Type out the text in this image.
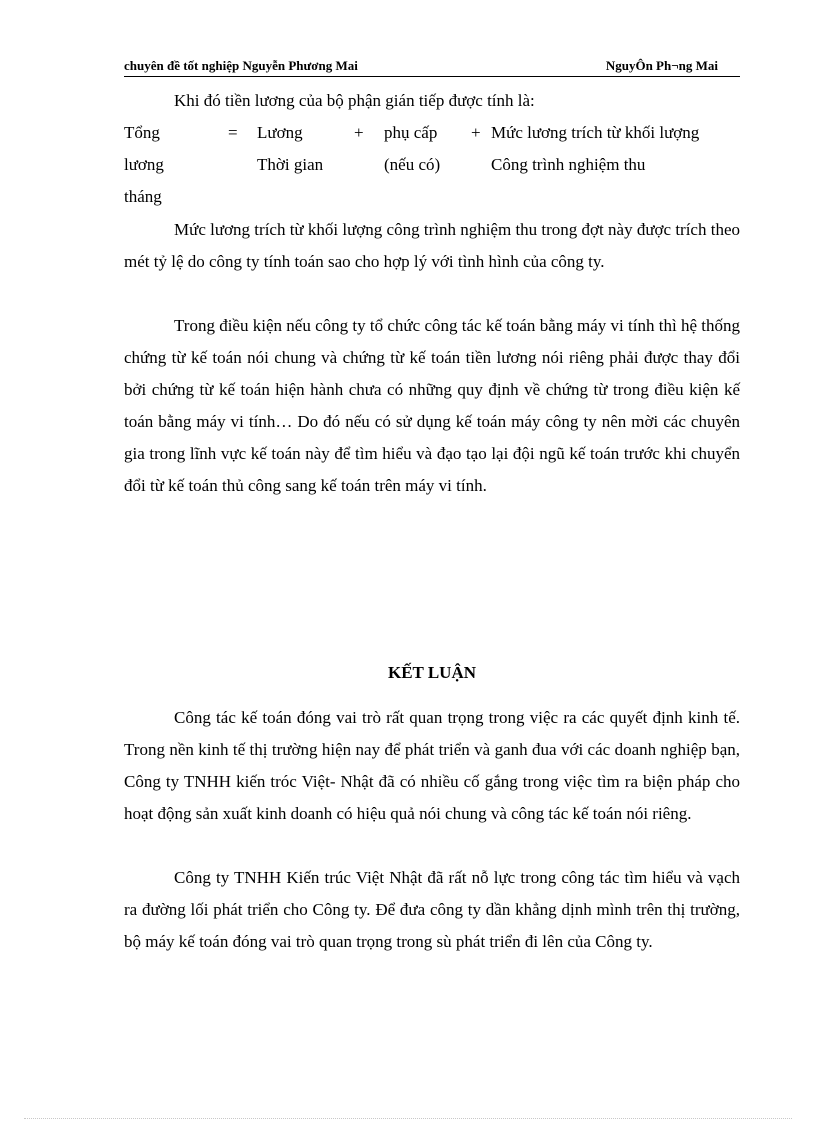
chuyên đề tốt nghiệp Nguyễn Phương Mai	NguyÔn Ph¬ng Mai
Khi đó tiền lương của bộ phận gián tiếp được tính là:
Tổng
lương
tháng
= Lương
Thời gian
+ phụ cấp
(nếu có)
+ Mức lương trích từ khối lượng
Công trình nghiệm thu

Mức lương trích từ khối lượng công trình nghiệm thu trong đợt này được trích theo mét tỷ lệ do công ty tính toán sao cho hợp lý với tình hình của công ty.

Trong điều kiện nếu công ty tổ chức công tác kế toán bằng máy vi tính thì hệ thống chứng từ kế toán nói chung và chứng từ kế toán tiền lương nói riêng phải được thay đổi bởi chứng từ kế toán hiện hành chưa có những quy định về chứng từ trong điều kiện kế toán bằng máy vi tính… Do đó nếu có sử dụng kế toán máy công ty nên mời các chuyên gia trong lĩnh vực kế toán này để tìm hiểu và đạo tạo lại đội ngũ kế toán trước khi chuyển đổi từ kế toán thủ công sang kế toán trên máy vi tính.

KẾT LUẬN

Công tác kế toán đóng vai trò rất quan trọng trong việc ra các quyết định kinh tế. Trong nền kinh tế thị trường hiện nay để phát triển và ganh đua với các doanh nghiệp bạn, Công ty TNHH kiến tróc Việt- Nhật đã có nhiều cố gắng trong việc tìm ra biện pháp cho hoạt động sản xuất kinh doanh có hiệu quả nói chung và công tác kế toán nói riêng.

Công ty TNHH Kiến trúc Việt Nhật đã rất nỗ lực trong công tác tìm hiểu và vạch ra đường lối phát triển cho Công ty. Để đưa công ty dần khẳng dịnh mình trên thị trường, bộ máy kế toán đóng vai trò quan trọng trong sù phát triển đi lên của Công ty.
